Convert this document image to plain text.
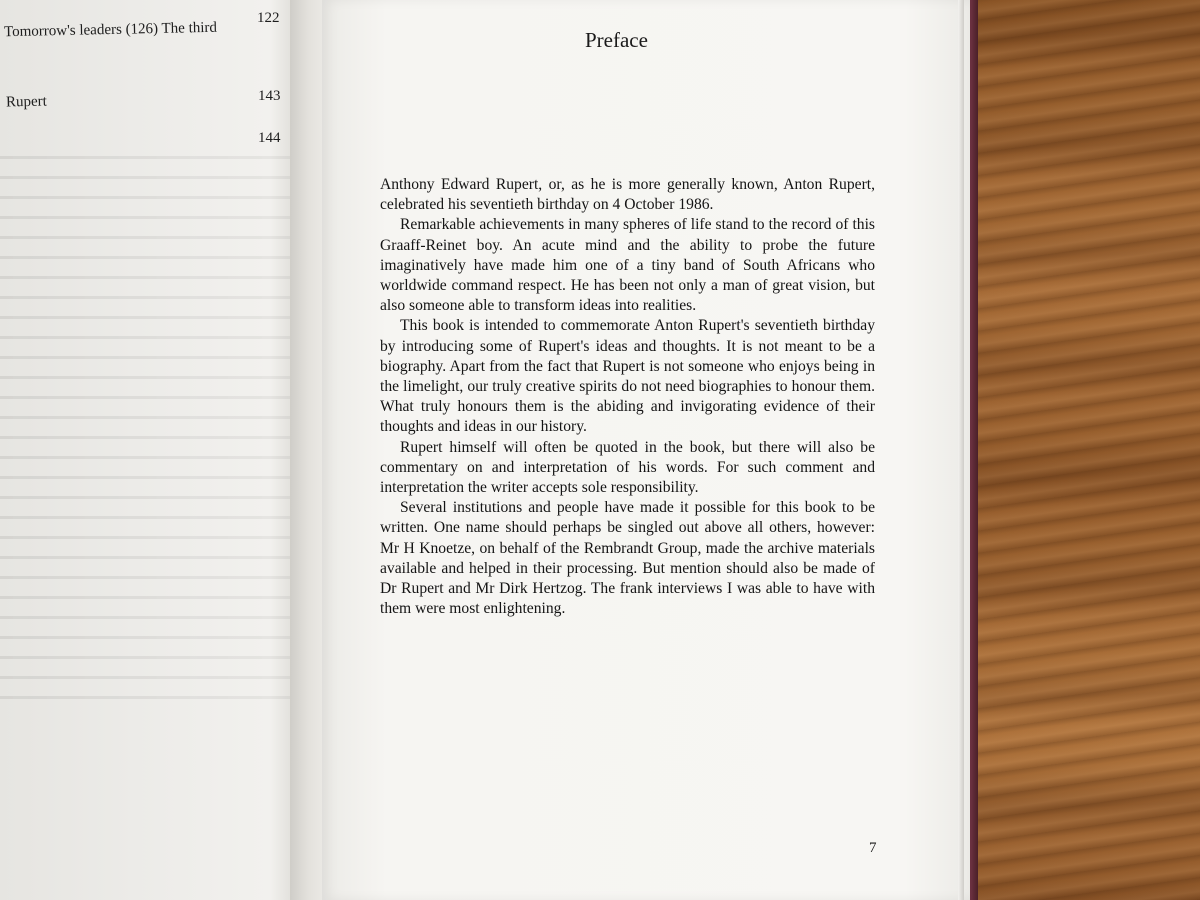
Tomorrow's leaders (126) The third
122
Rupert	143
144
Preface

Anthony Edward Rupert, or, as he is more generally known, Anton Rupert, celebrated his seventieth birthday on 4 October 1986.

Remarkable achievements in many spheres of life stand to the record of this Graaff-Reinet boy. An acute mind and the ability to probe the future imaginatively have made him one of a tiny band of South Africans who worldwide command respect. He has been not only a man of great vision, but also someone able to transform ideas into realities.

This book is intended to commemorate Anton Rupert's seventieth birthday by introducing some of Rupert's ideas and thoughts. It is not meant to be a biography. Apart from the fact that Rupert is not someone who enjoys being in the limelight, our truly creative spirits do not need biographies to honour them. What truly honours them is the abiding and invigorating evidence of their thoughts and ideas in our history.

Rupert himself will often be quoted in the book, but there will also be commentary on and interpretation of his words. For such comment and interpretation the writer accepts sole responsibility.

Several institutions and people have made it possible for this book to be written. One name should perhaps be singled out above all others, however: Mr H Knoetze, on behalf of the Rembrandt Group, made the archive materials available and helped in their processing. But mention should also be made of Dr Rupert and Mr Dirk Hertzog. The frank interviews I was able to have with them were most enlightening.

7
